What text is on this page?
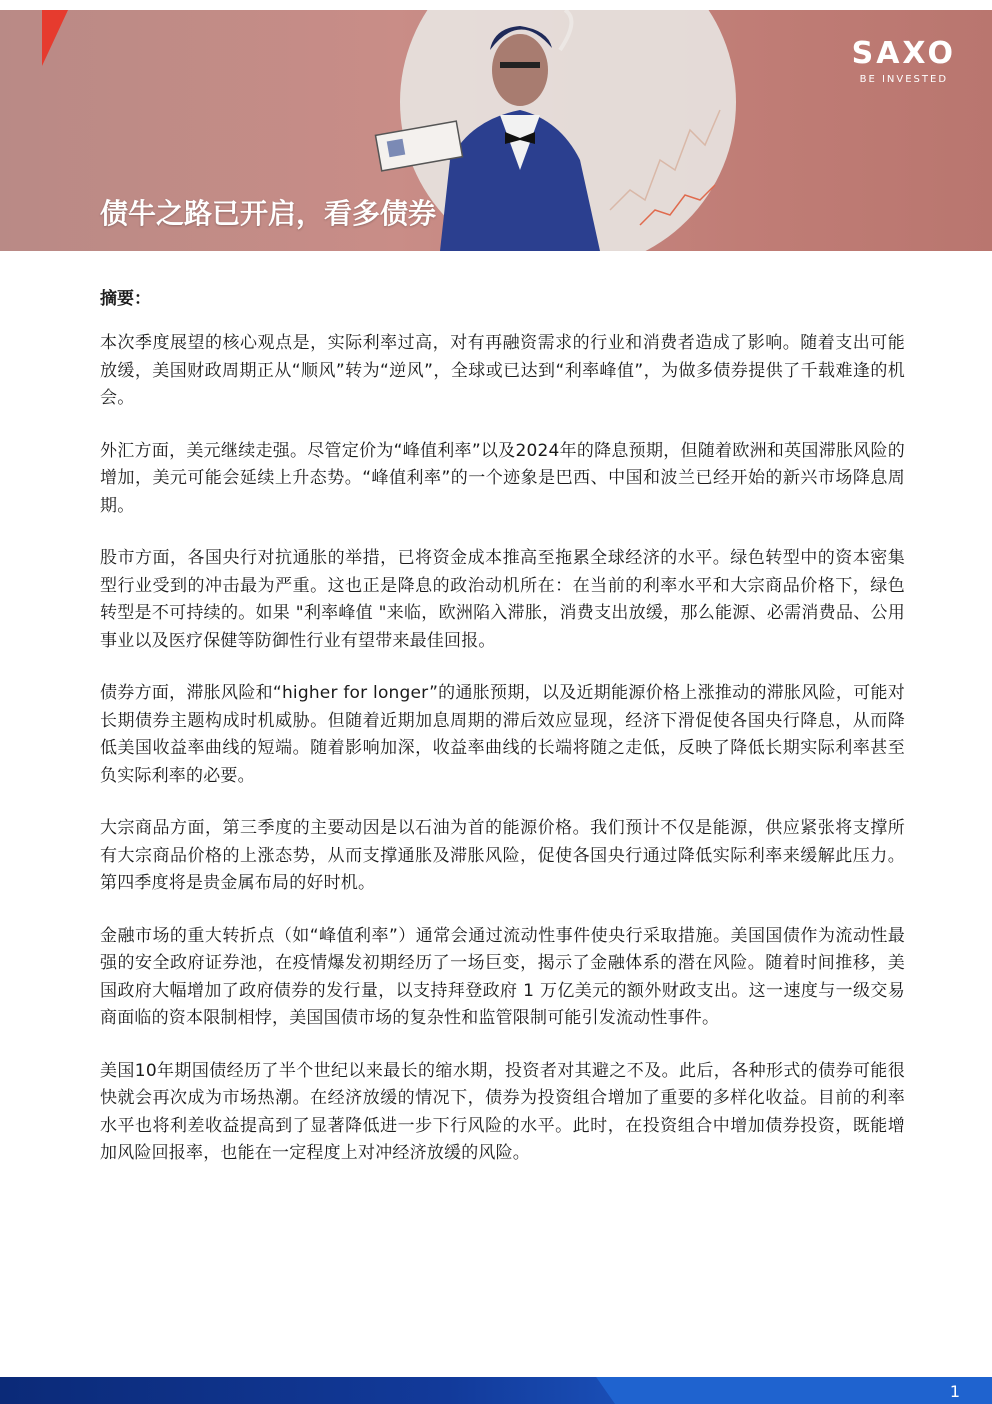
SAXO
BE INVESTED
债牛之路已开启，看多债券

摘要：

本次季度展望的核心观点是，实际利率过高，对有再融资需求的行业和消费者造成了影响。随着支出可能放缓，美国财政周期正从“顺风”转为“逆风”，全球或已达到“利率峰值”，为做多债券提供了千载难逢的机会。

外汇方面，美元继续走强。尽管定价为“峰值利率”以及2024年的降息预期，但随着欧洲和英国滞胀风险的增加，美元可能会延续上升态势。“峰值利率”的一个迹象是巴西、中国和波兰已经开始的新兴市场降息周期。

股市方面，各国央行对抗通胀的举措，已将资金成本推高至拖累全球经济的水平。绿色转型中的资本密集型行业受到的冲击最为严重。这也正是降息的政治动机所在：在当前的利率水平和大宗商品价格下，绿色转型是不可持续的。如果 "利率峰值 "来临，欧洲陷入滞胀，消费支出放缓，那么能源、必需消费品、公用事业以及医疗保健等防御性行业有望带来最佳回报。

债券方面，滞胀风险和“higher for longer”的通胀预期，以及近期能源价格上涨推动的滞胀风险，可能对长期债券主题构成时机威胁。但随着近期加息周期的滞后效应显现，经济下滑促使各国央行降息，从而降低美国收益率曲线的短端。随着影响加深，收益率曲线的长端将随之走低，反映了降低长期实际利率甚至负实际利率的必要。

大宗商品方面，第三季度的主要动因是以石油为首的能源价格。我们预计不仅是能源，供应紧张将支撑所有大宗商品价格的上涨态势，从而支撑通胀及滞胀风险，促使各国央行通过降低实际利率来缓解此压力。第四季度将是贵金属布局的好时机。

金融市场的重大转折点（如“峰值利率”）通常会通过流动性事件使央行采取措施。美国国债作为流动性最强的安全政府证券池，在疫情爆发初期经历了一场巨变，揭示了金融体系的潜在风险。随着时间推移，美国政府大幅增加了政府债券的发行量，以支持拜登政府 1 万亿美元的额外财政支出。这一速度与一级交易商面临的资本限制相悖，美国国债市场的复杂性和监管限制可能引发流动性事件。

美国10年期国债经历了半个世纪以来最长的缩水期，投资者对其避之不及。此后，各种形式的债券可能很快就会再次成为市场热潮。在经济放缓的情况下，债券为投资组合增加了重要的多样化收益。目前的利率水平也将利差收益提高到了显著降低进一步下行风险的水平。此时，在投资组合中增加债券投资，既能增加风险回报率，也能在一定程度上对冲经济放缓的风险。

1
